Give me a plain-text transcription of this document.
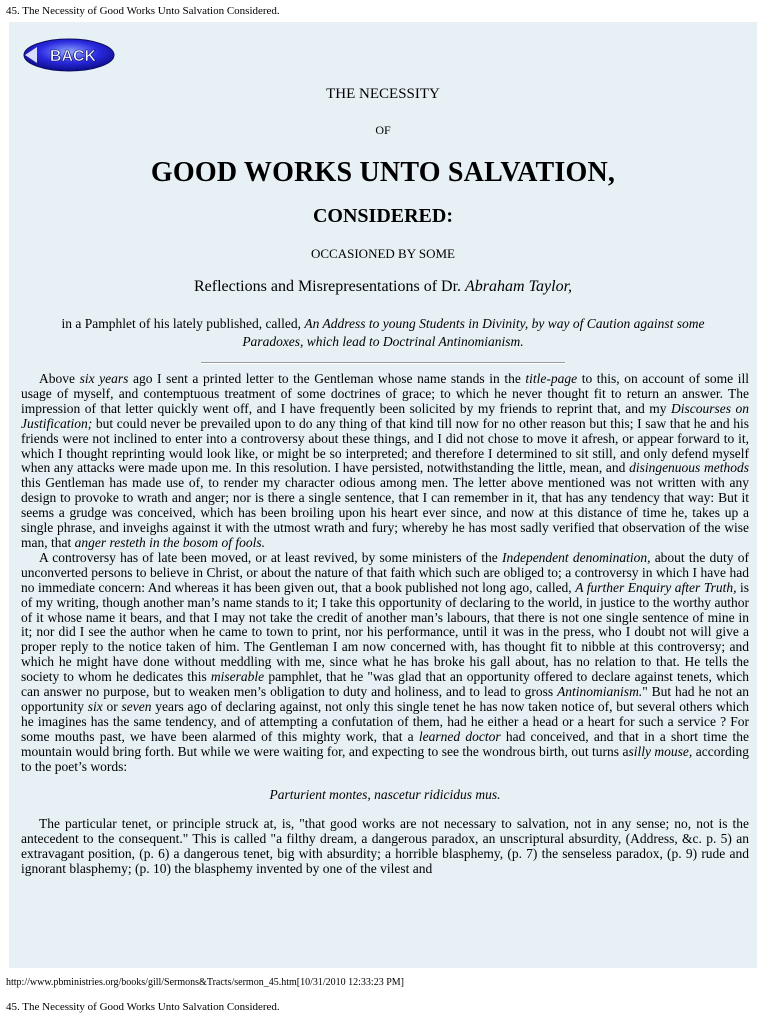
45. The Necessity of Good Works Unto Salvation Considered.
BACK
THE NECESSITY
OF
GOOD WORKS UNTO SALVATION,
CONSIDERED:
OCCASIONED BY SOME
Reflections and Misrepresentations of Dr. Abraham Taylor,
in a Pamphlet of his lately published, called, An Address to young Students in Divinity, by way of Caution against some Paradoxes, which lead to Doctrinal Antinomianism.

Above six years ago I sent a printed letter to the Gentleman whose name stands in the title-page to this, on account of some ill usage of myself, and contemptuous treatment of some doctrines of grace; to which he never thought fit to return an answer. The impression of that letter quickly went off, and I have frequently been solicited by my friends to reprint that, and my Discourses on Justification; but could never be prevailed upon to do any thing of that kind till now for no other reason but this; I saw that he and his friends were not inclined to enter into a controversy about these things, and I did not chose to move it afresh, or appear forward to it, which I thought reprinting would look like, or might be so interpreted; and therefore I determined to sit still, and only defend myself when any attacks were made upon me. In this resolution. I have persisted, notwithstanding the little, mean, and disingenuous methods this Gentleman has made use of, to render my character odious among men. The letter above mentioned was not written with any design to provoke to wrath and anger; nor is there a single sentence, that I can remember in it, that has any tendency that way: But it seems a grudge was conceived, which has been broiling upon his heart ever since, and now at this distance of time he, takes up a single phrase, and inveighs against it with the utmost wrath and fury; whereby he has most sadly verified that observation of the wise man, that anger resteth in the bosom of fools.

A controversy has of late been moved, or at least revived, by some ministers of the Independent denomination, about the duty of unconverted persons to believe in Christ, or about the nature of that faith which such are obliged to; a controversy in which I have had no immediate concern: And whereas it has been given out, that a book published not long ago, called, A further Enquiry after Truth, is of my writing, though another man’s name stands to it; I take this opportunity of declaring to the world, in justice to the worthy author of it whose name it bears, and that I may not take the credit of another man’s labours, that there is not one single sentence of mine in it; nor did I see the author when he came to town to print, nor his performance, until it was in the press, who I doubt not will give a proper reply to the notice taken of him. The Gentleman I am now concerned with, has thought fit to nibble at this controversy; and which he might have done without meddling with me, since what he has broke his gall about, has no relation to that. He tells the society to whom he dedicates this miserable pamphlet, that he "was glad that an opportunity offered to declare against tenets, which can answer no purpose, but to weaken men’s obligation to duty and holiness, and to lead to gross Antinomianism." But had he not an opportunity six or seven years ago of declaring against, not only this single tenet he has now taken notice of, but several others which he imagines has the same tendency, and of attempting a confutation of them, had he either a head or a heart for such a service ? For some mouths past, we have been alarmed of this mighty work, that a learned doctor had conceived, and that in a short time the mountain would bring forth. But while we were waiting for, and expecting to see the wondrous birth, out turns asilly mouse, according to the poet’s words:

Parturient montes, nascetur ridicidus mus.

The particular tenet, or principle struck at, is, "that good works are not necessary to salvation, not in any sense; no, not is the antecedent to the consequent." This is called "a filthy dream, a dangerous paradox, an unscriptural absurdity, (Address, &c. p. 5) an extravagant position, (p. 6) a dangerous tenet, big with absurdity; a horrible blasphemy, (p. 7) the senseless paradox, (p. 9) rude and ignorant blasphemy; (p. 10) the blasphemy invented by one of the vilest and

http://www.pbministries.org/books/gill/Sermons&Tracts/sermon_45.htm[10/31/2010 12:33:23 PM]
45. The Necessity of Good Works Unto Salvation Considered.
